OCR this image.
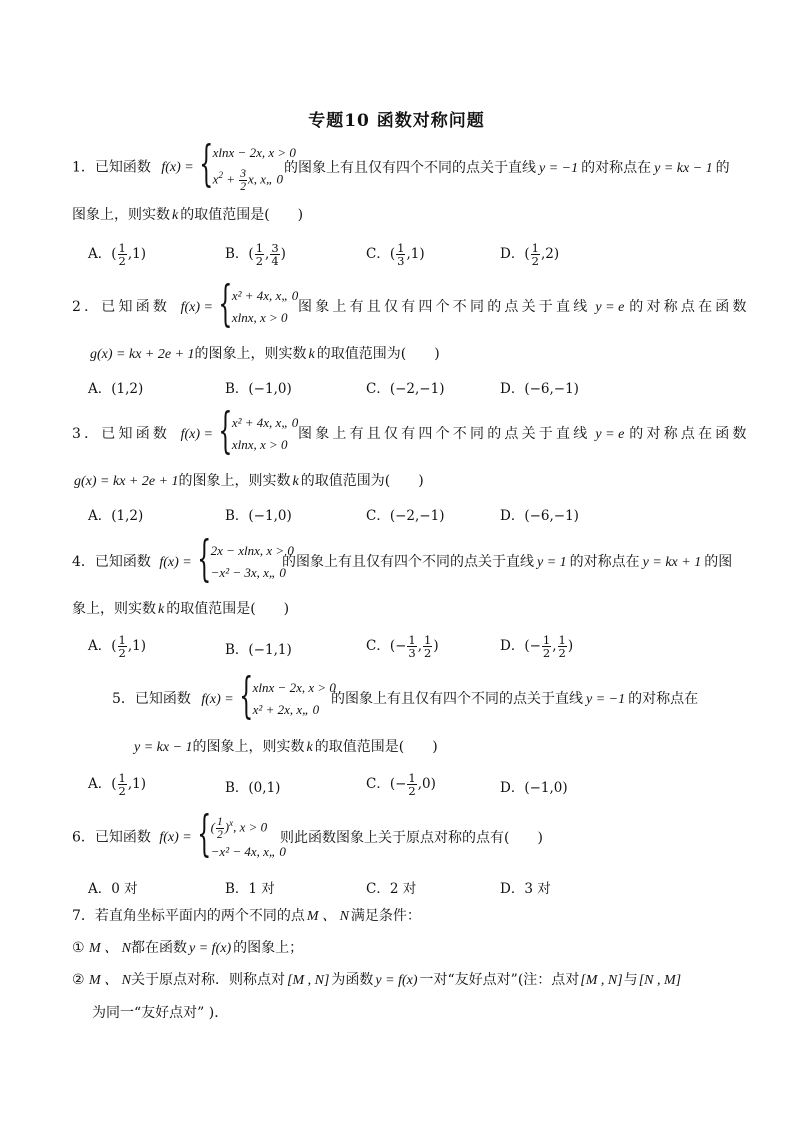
专题10 函数对称问题
1．已知函数 f(x) = {
xlnx − 2x, x > 0
$x^2 + \frac{3}{2} x$, x„ 0
的图象上有且仅有四个不同的点关于直线 y = −1 的对称点在 y = kx − 1 的
图象上，则实数 k 的取值范围是(　　)
A．( $\frac{1}{2} ,1$)	B．( $\frac{1}{2}$ , $\frac{3}{4}$ )	C．( $\frac{1}{3} ,1$)	D．( $\frac{1}{2} ,2$)
2．已知函数 f(x) = {
x² + 4x, x„ 0
xlnx, x > 0
图象上有且仅有四个不同的点关于直线 y = e 的对称点在函数
g(x) = kx + 2e + 1的图象上，则实数 k 的取值范围为(　　)
A．(1,2)	B．(−1,0)	C．(−2,−1)	D．(−6,−1)
3．已知函数 f(x) = {
x² + 4x, x„ 0
xlnx, x > 0
图象上有且仅有四个不同的点关于直线 y = e 的对称点在函数
g(x) = kx + 2e + 1的图象上，则实数 k 的取值范围为(　　)
A．(1,2)	B．(−1,0)	C．(−2,−1)	D．(−6,−1)
4．已知函数 f(x) = {
2x − xlnx, x > 0
−x² − 3x, x„ 0
的图象上有且仅有四个不同的点关于直线 y = 1 的对称点在 y = kx + 1 的图
象上，则实数 k 的取值范围是(　　)
A．( $\frac{1}{2} ,1$)	B．(−1,1)	C．(− $\frac{1}{3}$ , $\frac{1}{2}$ )	D．(− $\frac{1}{2}$ , $\frac{1}{2}$ )
5．已知函数 f(x) = {
xlnx − 2x, x > 0
x² + 2x, x„ 0
的图象上有且仅有四个不同的点关于直线 y = −1 的对称点在
y = kx − 1的图象上，则实数 k 的取值范围是(　　)
A．( $\frac{1}{2} ,1$)	B．(0,1)	C．(− $\frac{1}{2} ,0$)	D．(−1,0)
6．已知函数 f(x) = {
( $\frac{1}{2} )^x$, x > 0
−x² − 4x, x„ 0
则此函数图象上关于原点对称的点有(　　)
A．0 对	B．1 对	C．2 对	D．3 对
7．若直角坐标平面内的两个不同的点 M 、 N 满足条件：
① M 、 N都在函数 y = f(x) 的图象上；
② M 、 N关于原点对称．则称点对 [M , N] 为函数 y = f(x) 一对“友好点对”(注：点对[M , N]与[N , M]
为同一“友好点对” )．
